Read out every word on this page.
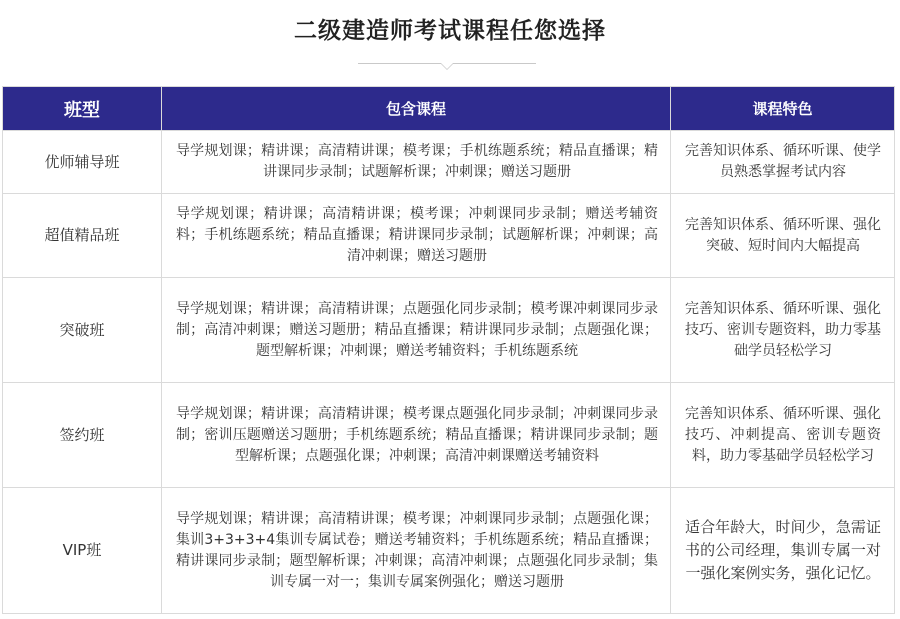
二级建造师考试课程任您选择
班型	包含课程	课程特色
优师辅导班	导学规划课；精讲课；高清精讲课；模考课；手机练题系统；精品直播课；精讲课同步录制；试题解析课；冲刺课；赠送习题册	完善知识体系、循环听课、使学员熟悉掌握考试内容
超值精品班	导学规划课；精讲课；高清精讲课；模考课；冲刺课同步录制；赠送考辅资料；手机练题系统；精品直播课；精讲课同步录制；试题解析课；冲刺课；高清冲刺课；赠送习题册	完善知识体系、循环听课、强化突破、短时间内大幅提高
突破班	导学规划课；精讲课；高清精讲课；点题强化同步录制；模考课冲刺课同步录制；高清冲刺课；赠送习题册；精品直播课；精讲课同步录制；点题强化课；题型解析课；冲刺课；赠送考辅资料；手机练题系统	完善知识体系、循环听课、强化技巧、密训专题资料，助力零基础学员轻松学习
签约班	导学规划课；精讲课；高清精讲课；模考课点题强化同步录制；冲刺课同步录制；密训压题赠送习题册；手机练题系统；精品直播课；精讲课同步录制；题型解析课；点题强化课；冲刺课；高清冲刺课赠送考辅资料	完善知识体系、循环听课、强化技巧、冲刺提高、密训专题资料，助力零基础学员轻松学习
VIP班	导学规划课；精讲课；高清精讲课；模考课；冲刺课同步录制；点题强化课；集训3+3+3+4集训专属试卷；赠送考辅资料；手机练题系统；精品直播课；精讲课同步录制；题型解析课；冲刺课；高清冲刺课；点题强化同步录制；集训专属一对一；集训专属案例强化；赠送习题册	适合年龄大，时间少，急需证书的公司经理，集训专属一对一强化案例实务，强化记忆。
